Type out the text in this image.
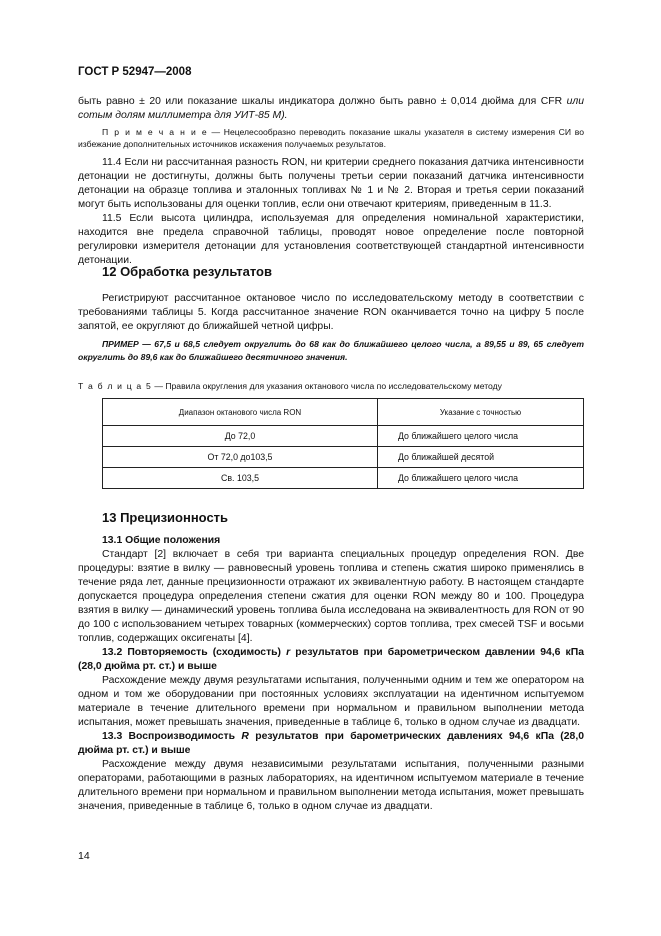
ГОСТ Р 52947—2008
быть равно ± 20 или показание шкалы индикатора должно быть равно ± 0,014 дюйма для CFR или сотым долям миллиметра для УИТ-85 М).
П р и м е ч а н и е — Нецелесообразно переводить показание шкалы указателя в систему измерения СИ во избежание дополнительных источников искажения получаемых результатов.
11.4 Если ни рассчитанная разность RON, ни критерии среднего показания датчика интенсивности детонации не достигнуты, должны быть получены третьи серии показаний датчика интенсивности детонации на образце топлива и эталонных топливах № 1 и № 2. Вторая и третья серии показаний могут быть использованы для оценки топлив, если они отвечают критериям, приведенным в 11.3.
11.5 Если высота цилиндра, используемая для определения номинальной характеристики, находится вне предела справочной таблицы, проводят новое определение после повторной регулировки измерителя детонации для установления соответствующей стандартной интенсивности детонации.
12 Обработка результатов
Регистрируют рассчитанное октановое число по исследовательскому методу в соответствии с требованиями таблицы 5. Когда рассчитанное значение RON оканчивается точно на цифру 5 после запятой, ее округляют до ближайшей четной цифры.
ПРИМЕР — 67,5 и 68,5 следует округлить до 68 как до ближайшего целого числа, а 89,55 и 89, 65 следует округлить до 89,6 как до ближайшего десятичного значения.
Т а б л и ц а 5 — Правила округления для указания октанового числа по исследовательскому методу
Диапазон октанового числа RON	Указание с точностью
До 72,0	До ближайшего целого числа
От 72,0 до103,5	До ближайшей десятой
Св. 103,5	До ближайшего целого числа
13 Прецизионность
13.1 Общие положения
Стандарт [2] включает в себя три варианта специальных процедур определения RON. Две процедуры: взятие в вилку — равновесный уровень топлива и степень сжатия широко применялись в течение ряда лет, данные прецизионности отражают их эквивалентную работу. В настоящем стандарте допускается процедура определения степени сжатия для оценки RON между 80 и 100. Процедура взятия в вилку — динамический уровень топлива была исследована на эквивалентность для RON от 90 до 100 с использованием четырех товарных (коммерческих) сортов топлива, трех смесей TSF и восьми топлив, содержащих оксигенаты [4].
13.2 Повторяемость (сходимость) r результатов при барометрическом давлении 94,6 кПа (28,0 дюйма рт. ст.) и выше
Расхождение между двумя результатами испытания, полученными одним и тем же оператором на одном и том же оборудовании при постоянных условиях эксплуатации на идентичном испытуемом материале в течение длительного времени при нормальном и правильном выполнении метода испытания, может превышать значения, приведенные в таблице 6, только в одном случае из двадцати.
13.3 Воспроизводимость R результатов при барометрических давлениях 94,6 кПа (28,0 дюйма рт. ст.) и выше
Расхождение между двумя независимыми результатами испытания, полученными разными операторами, работающими в разных лабораториях, на идентичном испытуемом материале в течение длительного времени при нормальном и правильном выполнении метода испытания, может превышать значения, приведенные в таблице 6, только в одном случае из двадцати.
14
